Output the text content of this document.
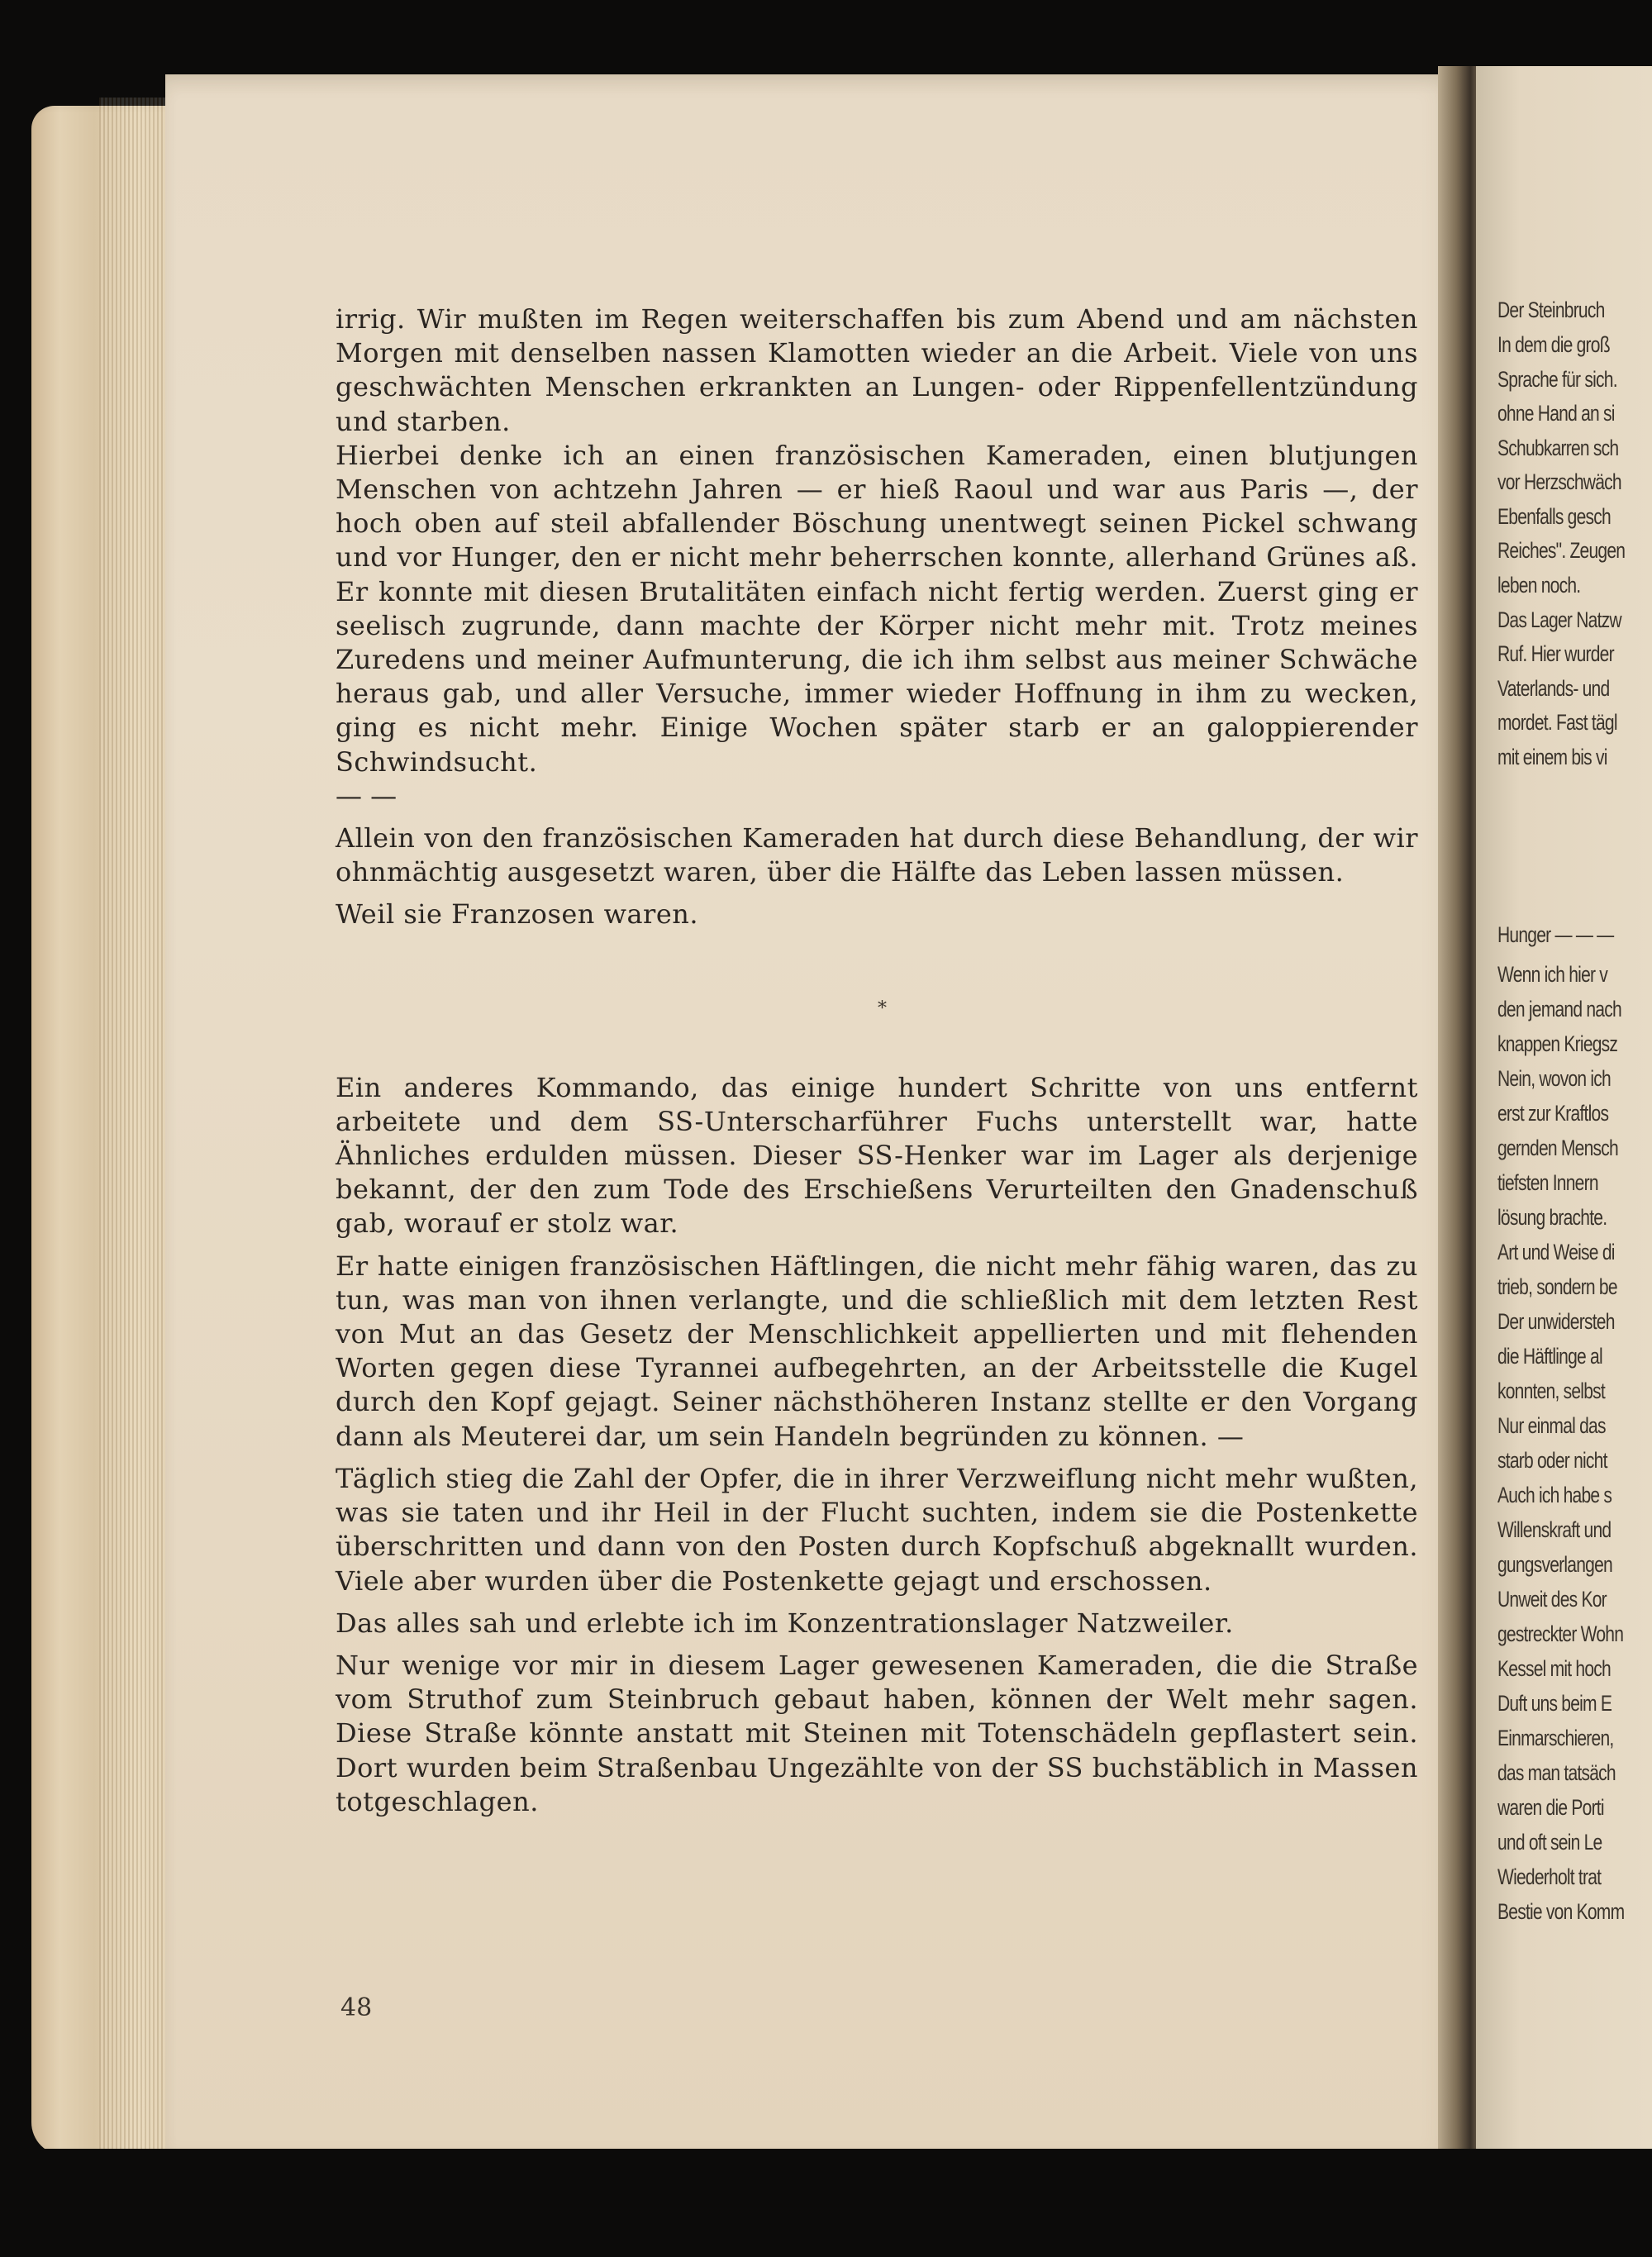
Der Steinbruch
In dem die groß
Sprache für sich.
ohne Hand an si
Schubkarren sch
vor Herzschwäch
Ebenfalls gesch
Reiches". Zeugen
leben noch.
Das Lager Natzw
Ruf. Hier wurder
Vaterlands- und
mordet. Fast tägl
mit einem bis vi
Hunger — — —
Wenn ich hier v
den jemand nach
knappen Kriegsz
Nein, wovon ich
erst zur Kraftlos
gernden Mensch
tiefsten Innern
lösung brachte.
Art und Weise di
trieb, sondern be
Der unwidersteh
die Häftlinge al
konnten, selbst
Nur einmal das
starb oder nicht
Auch ich habe s
Willenskraft und
gungsverlangen
Unweit des Kor
gestreckter Wohn
Kessel mit hoch
Duft uns beim E
Einmarschieren,
das man tatsäch
waren die Porti
und oft sein Le
Wiederholt trat
Bestie von Komm

irrig. Wir mußten im Regen weiterschaffen bis zum Abend und am nächsten Morgen mit denselben nassen Klamotten wieder an die Arbeit. Viele von uns geschwächten Menschen erkrankten an Lungen- oder Rippenfellentzündung und starben.

Hierbei denke ich an einen französischen Kameraden, einen blutjungen Menschen von achtzehn Jahren — er hieß Raoul und war aus Paris —, der hoch oben auf steil abfallender Böschung unentwegt seinen Pickel schwang und vor Hunger, den er nicht mehr beherrschen konnte, allerhand Grünes aß. Er konnte mit diesen Brutalitäten einfach nicht fertig werden. Zuerst ging er seelisch zugrunde, dann machte der Körper nicht mehr mit. Trotz meines Zuredens und meiner Aufmunterung, die ich ihm selbst aus meiner Schwäche heraus gab, und aller Versuche, immer wieder Hoffnung in ihm zu wecken, ging es nicht mehr. Einige Wochen später starb er an galoppierender Schwindsucht.

— —

Allein von den französischen Kameraden hat durch diese Behandlung, der wir ohnmächtig ausgesetzt waren, über die Hälfte das Leben lassen müssen.

Weil sie Franzosen waren.

Ein anderes Kommando, das einige hundert Schritte von uns entfernt arbeitete und dem SS-Unterscharführer Fuchs unterstellt war, hatte Ähnliches erdulden müssen. Dieser SS-Henker war im Lager als derjenige bekannt, der den zum Tode des Erschießens Verurteilten den Gnadenschuß gab, worauf er stolz war.

Er hatte einigen französischen Häftlingen, die nicht mehr fähig waren, das zu tun, was man von ihnen verlangte, und die schließlich mit dem letzten Rest von Mut an das Gesetz der Menschlichkeit appellierten und mit flehenden Worten gegen diese Tyrannei aufbegehrten, an der Arbeitsstelle die Kugel durch den Kopf gejagt. Seiner nächsthöheren Instanz stellte er den Vorgang dann als Meuterei dar, um sein Handeln begründen zu können. —

Täglich stieg die Zahl der Opfer, die in ihrer Verzweiflung nicht mehr wußten, was sie taten und ihr Heil in der Flucht suchten, indem sie die Postenkette überschritten und dann von den Posten durch Kopfschuß abgeknallt wurden. Viele aber wurden über die Postenkette gejagt und erschossen.

Das alles sah und erlebte ich im Konzentrationslager Natzweiler.

Nur wenige vor mir in diesem Lager gewesenen Kameraden, die die Straße vom Struthof zum Steinbruch gebaut haben, können der Welt mehr sagen. Diese Straße könnte anstatt mit Steinen mit Totenschädeln gepflastert sein. Dort wurden beim Straßenbau Ungezählte von der SS buchstäblich in Massen totgeschlagen.

*
48
